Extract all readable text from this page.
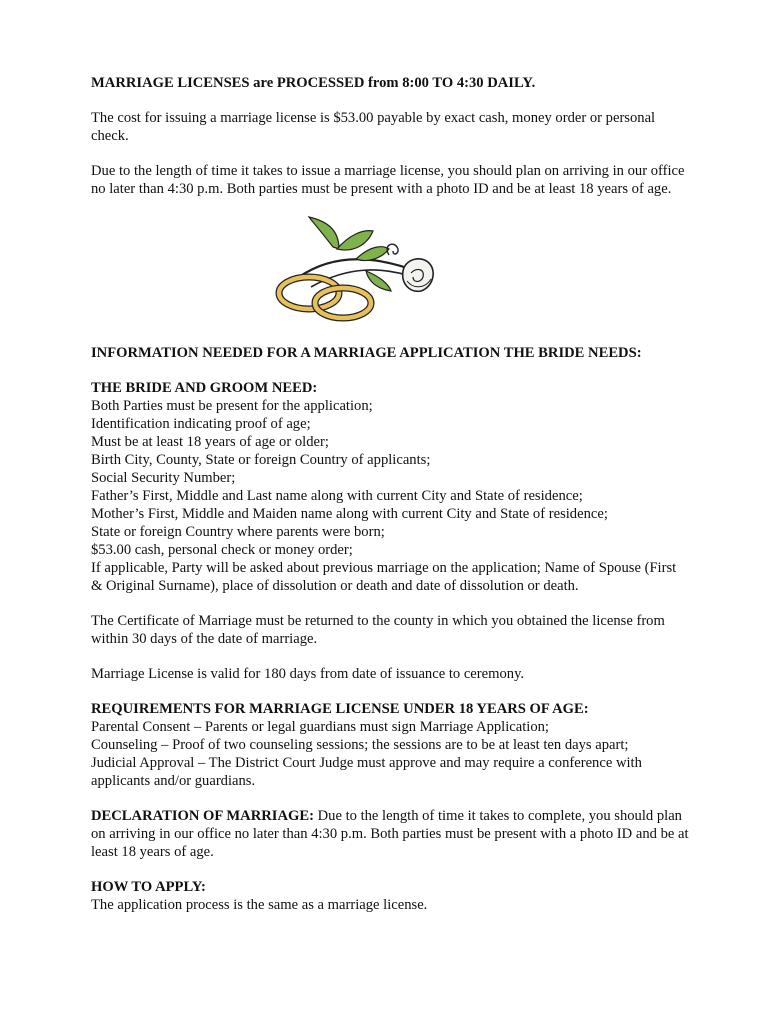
MARRIAGE LICENSES are PROCESSED from 8:00 TO 4:30 DAILY.

The cost for issuing a marriage license is $53.00 payable by exact cash, money order or personal check.

Due to the length of time it takes to issue a marriage license, you should plan on arriving in our office no later than 4:30 p.m. Both parties must be present with a photo ID and be at least 18 years of age.

INFORMATION NEEDED FOR A MARRIAGE APPLICATION THE BRIDE NEEDS:

THE BRIDE AND GROOM NEED:

Both Parties must be present for the application;
Identification indicating proof of age;
Must be at least 18 years of age or older;
Birth City, County, State or foreign Country of applicants;
Social Security Number;
Father’s First, Middle and Last name along with current City and State of residence;
Mother’s First, Middle and Maiden name along with current City and State of residence;
State or foreign Country where parents were born;
$53.00 cash, personal check or money order;
If applicable, Party will be asked about previous marriage on the application; Name of Spouse (First & Original Surname), place of dissolution or death and date of dissolution or death.

The Certificate of Marriage must be returned to the county in which you obtained the license from within 30 days of the date of marriage.

Marriage License is valid for 180 days from date of issuance to ceremony.

REQUIREMENTS FOR MARRIAGE LICENSE UNDER 18 YEARS OF AGE:

Parental Consent – Parents or legal guardians must sign Marriage Application;
Counseling – Proof of two counseling sessions; the sessions are to be at least ten days apart;
Judicial Approval – The District Court Judge must approve and may require a conference with applicants and/or guardians.

DECLARATION OF MARRIAGE: Due to the length of time it takes to complete, you should plan on arriving in our office no later than 4:30 p.m. Both parties must be present with a photo ID and be at least 18 years of age.

HOW TO APPLY:

The application process is the same as a marriage license.
